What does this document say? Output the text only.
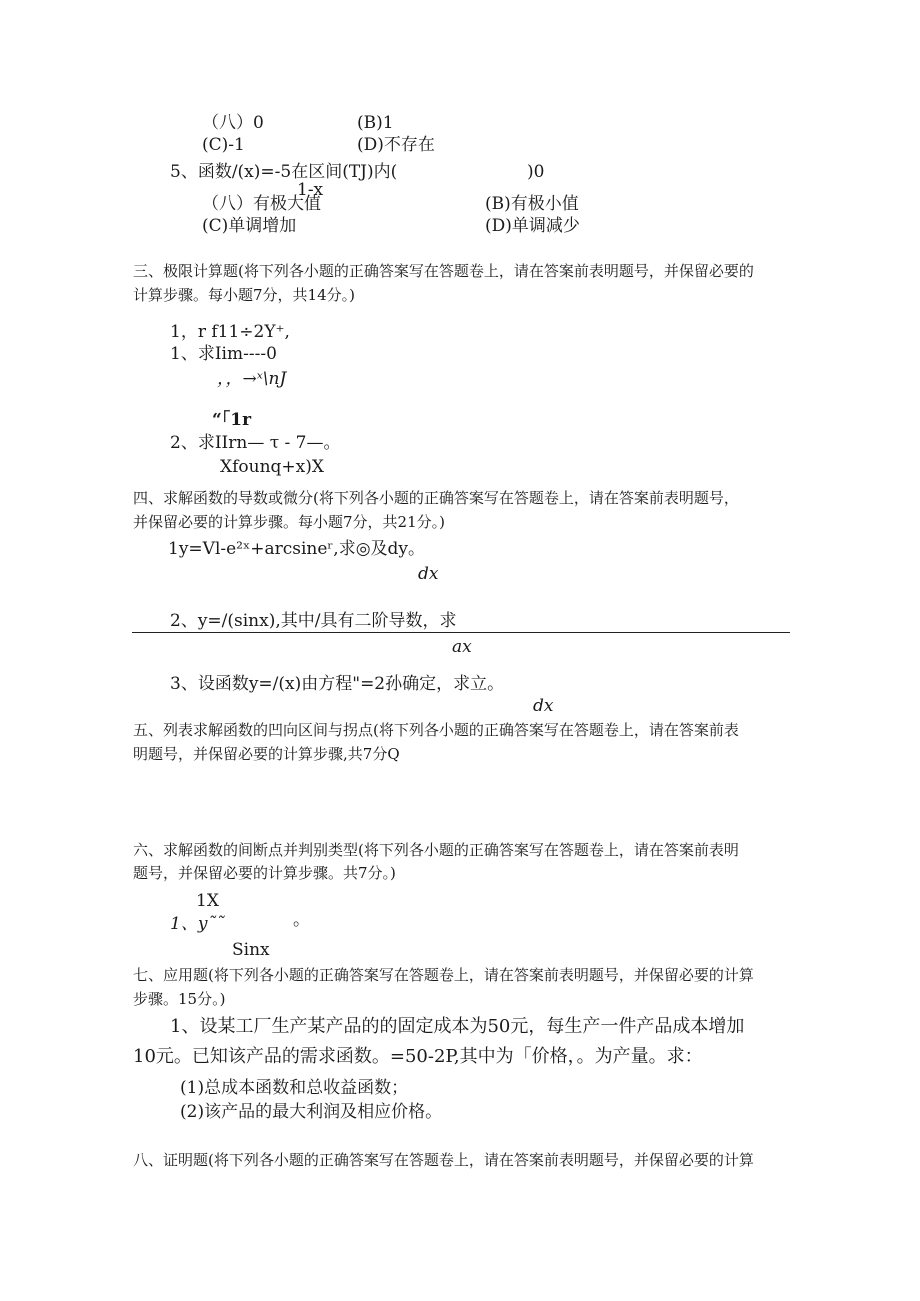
（八）0	(B)1
(C)-1	(D)不存在
5、函数/(x)=-5在区间(TJ)内(	)0
1-x
（八）有极大值	(B)有极小值
(C)单调增加	(D)单调减少
三、极限计算题(将下列各小题的正确答案写在答题卷上，请在答案前表明题号，并保留必要的
计算步骤。每小题7分，共14分。)
1，r f11÷2Y⁺,
1、求Iim----0
，，→ˣ\nJ
“「1r
2、求IIrn— τ - 7—。
Xfounq+x)X
四、求解函数的导数或微分(将下列各小题的正确答案写在答题卷上，请在答案前表明题号，
并保留必要的计算步骤。每小题7分，共21分。)
1y=Vl-e²ˣ+arcsineʳ,求◎及dy。
dx
2、y=/(sinx),其中/具有二阶导数，求
ax
3、设函数y=/(x)由方程"=2孙确定，求立。
dx
五、列表求解函数的凹向区间与拐点(将下列各小题的正确答案写在答题卷上，请在答案前表
明题号，并保留必要的计算步骤,共7分Q
六、求解函数的间断点并判别类型(将下列各小题的正确答案写在答题卷上，请在答案前表明
题号，并保留必要的计算步骤。共7分。)
1X
1、y˜˜	。
Sinx
七、应用题(将下列各小题的正确答案写在答题卷上，请在答案前表明题号，并保留必要的计算
步骤。15分。)
1、设某工厂生产某产品的的固定成本为50元，每生产一件产品成本增加
10元。已知该产品的需求函数。=50-2P,其中为「价格，。为产量。求：
(1)总成本函数和总收益函数；
(2)该产品的最大利润及相应价格。
八、证明题(将下列各小题的正确答案写在答题卷上，请在答案前表明题号，并保留必要的计算
